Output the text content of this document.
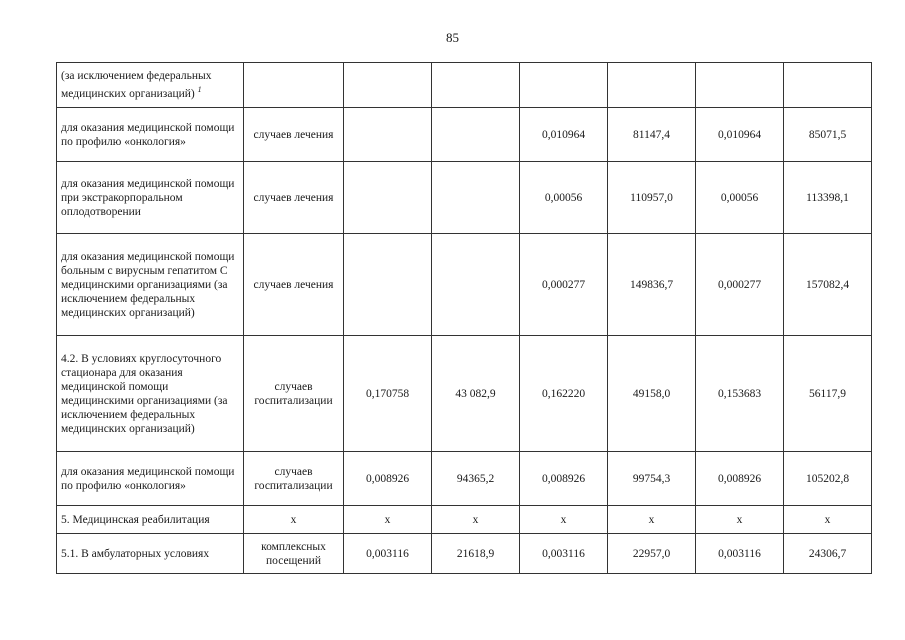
85
(за исключением федеральных медицинских организаций) $^1$							
для оказания медицинской помощи по профилю «онкология»	случаев лечения			0,010964	81147,4	0,010964	85071,5
для оказания медицинской помощи при экстракорпоральном оплодотворении	случаев лечения			0,00056	110957,0	0,00056	113398,1
для оказания медицинской помощи больным с вирусным гепатитом С медицинскими организациями (за исключением федеральных медицинских организаций)	случаев лечения			0,000277	149836,7	0,000277	157082,4
4.2. В условиях круглосуточного стационара для оказания медицинской помощи медицинскими организациями (за исключением федеральных медицинских организаций)	случаев госпитализации	0,170758	43 082,9	0,162220	49158,0	0,153683	56117,9
для оказания медицинской помощи по профилю «онкология»	случаев госпитализации	0,008926	94365,2	0,008926	99754,3	0,008926	105202,8
5. Медицинская реабилитация	х	х	х	х	х	х	х
5.1. В амбулаторных условиях	комплексных посещений	0,003116	21618,9	0,003116	22957,0	0,003116	24306,7
